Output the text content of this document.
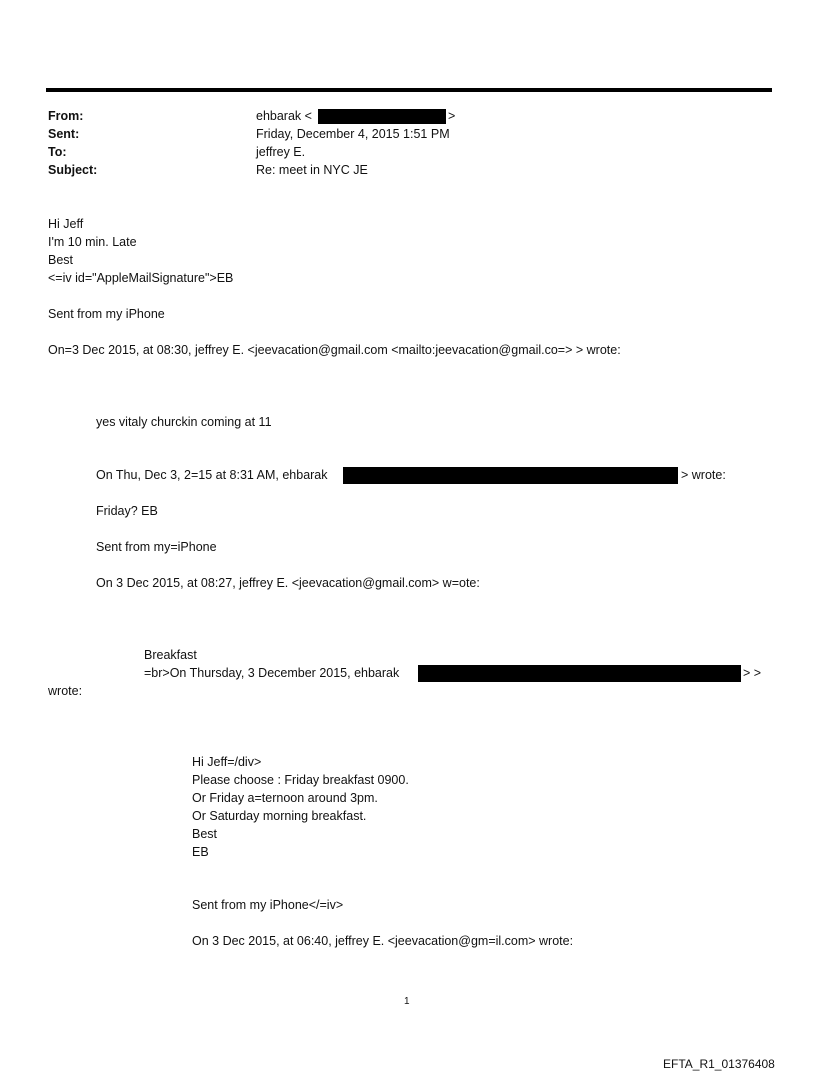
From:	ehbarak <	>
Sent:	Friday, December 4, 2015 1:51 PM
To:	jeffrey E.
Subject:	Re: meet in NYC JE
Hi Jeff
I'm 10 min. Late
Best
<=iv id="AppleMailSignature">EB
Sent from my iPhone
On=3 Dec 2015, at 08:30, jeffrey E. <jeevacation@gmail.com <mailto:jeevacation@gmail.co=> > wrote:
yes vitaly churckin coming at 11
On Thu, Dec 3, 2=15 at 8:31 AM, ehbarak	> wrote:
Friday? EB
Sent from my=iPhone
On 3 Dec 2015, at 08:27, jeffrey E. <jeevacation@gmail.com> w=ote:
Breakfast
=br>On Thursday, 3 December 2015, ehbarak	> >
wrote:
Hi Jeff=/div>
Please choose : Friday breakfast 0900.
Or Friday a=ternoon around 3pm.
Or Saturday morning breakfast.
Best
EB
Sent from my iPhone</=iv>
On 3 Dec 2015, at 06:40, jeffrey E. <jeevacation@gm=il.com> wrote:
1
EFTA_R1_01376408
